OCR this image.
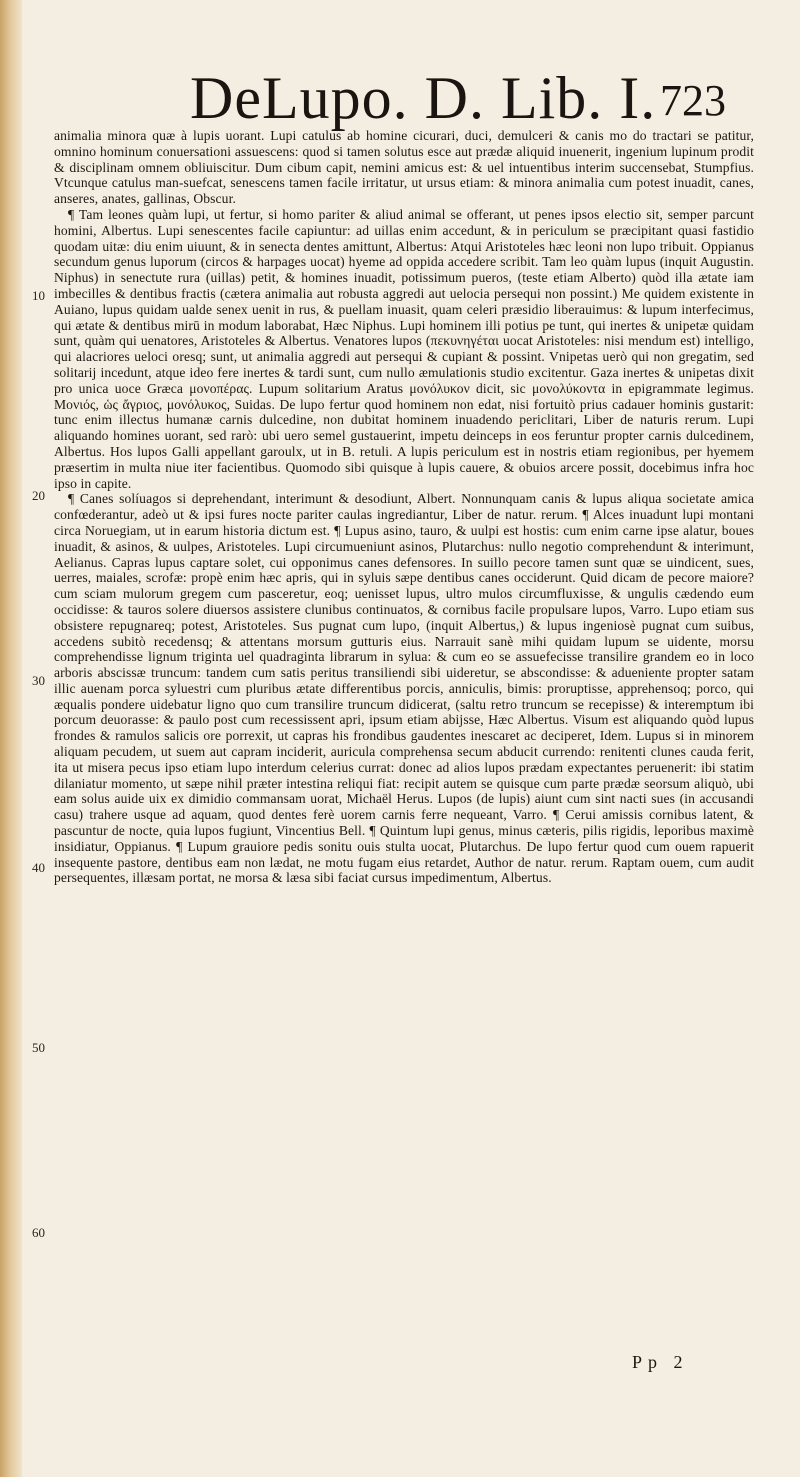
DeLupo. D. Lib. I. 723
10
20
30
40
50
60

animalia minora quæ à lupis uorant. Lupi catulus ab homine cicurari, duci, demulceri & canis mo do tractari se patitur, omnino hominum conuersationi assuescens: quod si tamen solutus esce aut prædæ aliquid inuenerit, ingenium lupinum prodit & disciplinam omnem obliuiscitur. Dum cibum capit, nemini amicus est: & uel intuentibus interim succensebat, Stumpfius. Vtcunque catulus man-suefcat, senescens tamen facile irritatur, ut ursus etiam: & minora animalia cum potest inuadit, canes, anseres, anates, gallinas, Obscur.

¶ Tam leones quàm lupi, ut fertur, si homo pariter & aliud animal se offerant, ut penes ipsos electio sit, semper parcunt homini, Albertus. Lupi senescentes facile capiuntur: ad uillas enim accedunt, & in periculum se præcipitant quasi fastidio quodam uitæ: diu enim uiuunt, & in senecta dentes amittunt, Albertus: Atqui Aristoteles hæc leoni non lupo tribuit. Oppianus secundum genus luporum (circos & harpages uocat) hyeme ad oppida accedere scribit. Tam leo quàm lupus (inquit Augustin. Niphus) in senectute rura (uillas) petit, & homines inuadit, potissimum pueros, (teste etiam Alberto) quòd illa ætate iam imbecilles & dentibus fractis (cætera animalia aut robusta aggredi aut uelocia persequi non possint.) Me quidem existente in Auiano, lupus quidam ualde senex uenit in rus, & puellam inuasit, quam celeri præsidio liberauimus: & lupum interfecimus, qui ætate & dentibus mirū in modum laborabat, Hæc Niphus. Lupi hominem illi potius pe tunt, qui inertes & unipetæ quidam sunt, quàm qui uenatores, Aristoteles & Albertus. Venatores lupos (πεκυνηγέται uocat Aristoteles: nisi mendum est) intelligo, qui alacriores ueloci oresq; sunt, ut animalia aggredi aut persequi & cupiant & possint. Vnipetas uerò qui non gregatim, sed solitarij incedunt, atque ideo fere inertes & tardi sunt, cum nullo æmulationis studio excitentur. Gaza inertes & unipetas dixit pro unica uoce Græca μονοπέρας. Lupum solitarium Aratus μονόλυκον dicit, sic μονολύκοντα in epigrammate legimus. Μονιός, ὡς ἄγριος, μονόλυκος, Suidas. De lupo fertur quod hominem non edat, nisi fortuitò prius cadauer hominis gustarit: tunc enim illectus humanæ carnis dulcedine, non dubitat hominem inuadendo periclitari, Liber de naturis rerum. Lupi aliquando homines uorant, sed rarò: ubi uero semel gustauerint, impetu deinceps in eos feruntur propter carnis dulcedinem, Albertus. Hos lupos Galli appellant garoulx, ut in B. retuli. A lupis periculum est in nostris etiam regionibus, per hyemem præsertim in multa niue iter facientibus. Quomodo sibi quisque à lupis cauere, & obuios arcere possit, docebimus infra hoc ipso in capite.

¶ Canes solíuagos si deprehendant, interimunt & desodiunt, Albert. Nonnunquam canis & lupus aliqua societate amica confœderantur, adeò ut & ipsi fures nocte pariter caulas ingrediantur, Liber de natur. rerum. ¶ Alces inuadunt lupi montani circa Noruegiam, ut in earum historia dictum est. ¶ Lupus asino, tauro, & uulpi est hostis: cum enim carne ipse alatur, boues inuadit, & asinos, & uulpes, Aristoteles. Lupi circumueniunt asinos, Plutarchus: nullo negotio comprehendunt & interimunt, Aelianus. Capras lupus captare solet, cui opponimus canes defensores. In suillo pecore tamen sunt quæ se uindicent, sues, uerres, maiales, scrofæ: propè enim hæc apris, qui in syluis sæpe dentibus canes occiderunt. Quid dicam de pecore maiore? cum sciam mulorum gregem cum pasceretur, eoq; uenisset lupus, ultro mulos circumfluxisse, & ungulis cædendo eum occidisse: & tauros solere diuersos assistere clunibus continuatos, & cornibus facile propulsare lupos, Varro. Lupo etiam sus obsistere repugnareq; potest, Aristoteles. Sus pugnat cum lupo, (inquit Albertus,) & lupus ingeniosè pugnat cum suibus, accedens subitò recedensq; & attentans morsum gutturis eius. Narrauit sanè mihi quidam lupum se uidente, morsu comprehendisse lignum triginta uel quadraginta librarum in sylua: & cum eo se assuefecisse transilire grandem eo in loco arboris abscissæ truncum: tandem cum satis peritus transiliendi sibi uideretur, se abscondisse: & adueniente propter satam illic auenam porca syluestri cum pluribus ætate differentibus porcis, anniculis, bimis: proruptisse, apprehensoq; porco, qui æqualis pondere uidebatur ligno quo cum transilire truncum didicerat, (saltu retro truncum se recepisse) & interemptum ibi porcum deuorasse: & paulo post cum recessissent apri, ipsum etiam abijsse, Hæc Albertus. Visum est aliquando quòd lupus frondes & ramulos salicis ore porrexit, ut capras his frondibus gaudentes inescaret ac deciperet, Idem. Lupus si in minorem aliquam pecudem, ut suem aut capram inciderit, auricula comprehensa secum abducit currendo: renitenti clunes cauda ferit, ita ut misera pecus ipso etiam lupo interdum celerius currat: donec ad alios lupos prædam expectantes peruenerit: ibi statim dilaniatur momento, ut sæpe nihil præter intestina reliqui fiat: recipit autem se quisque cum parte prædæ seorsum aliquò, ubi eam solus auide uix ex dimidio commansam uorat, Michaël Herus. Lupos (de lupis) aiunt cum sint nacti sues (in accusandi casu) trahere usque ad aquam, quod dentes ferè uorem carnis ferre nequeant, Varro. ¶ Cerui amissis cornibus latent, & pascuntur de nocte, quia lupos fugiunt, Vincentius Bell. ¶ Quintum lupi genus, minus cæteris, pilis rigidis, leporibus maximè insidiatur, Oppianus. ¶ Lupum grauiore pedis sonitu ouis stulta uocat, Plutarchus. De lupo fertur quod cum ouem rapuerit insequente pastore, dentibus eam non lædat, ne motu fugam eius retardet, Author de natur. rerum. Raptam ouem, cum audit persequentes, illæsam portat, ne morsa & læsa sibi faciat cursus impedimentum, Albertus.

Pp 2
